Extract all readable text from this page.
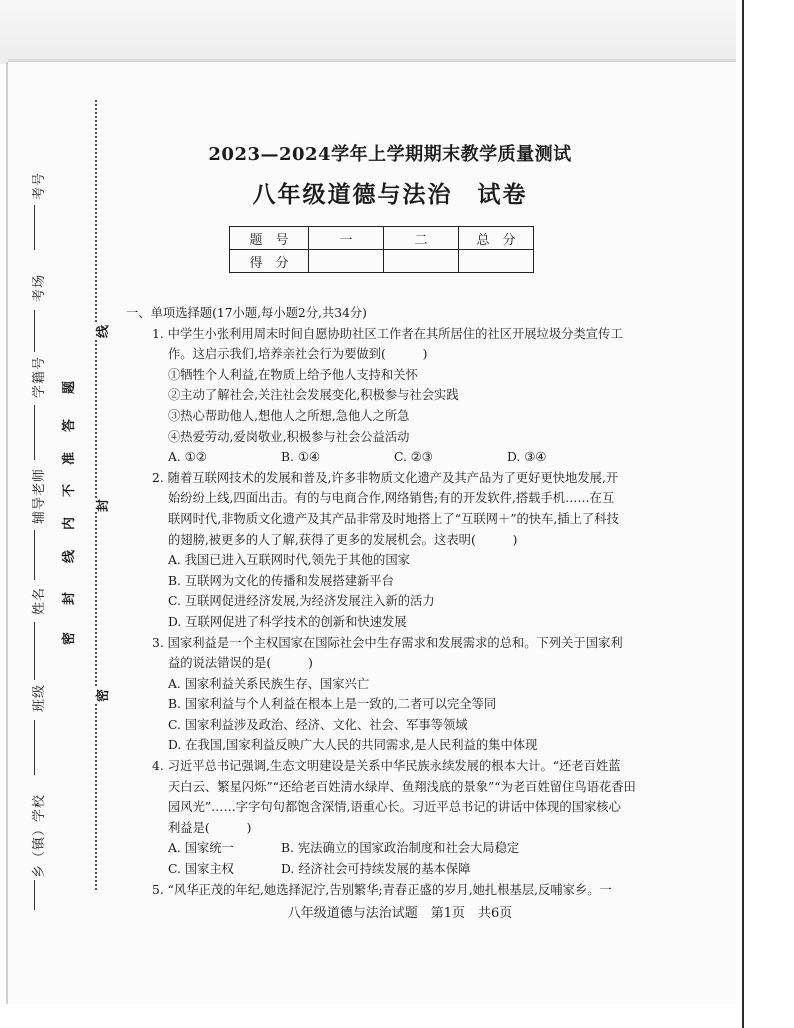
考号
考场
学籍号
辅导老师
姓名
班级
乡（镇）学校
题
答
准
不
内
线
封
密
线
封
密
2023—2024学年上学期期末教学质量测试
八年级道德与法治　试卷
题　号	一	二	总　分
得　分			
一、单项选择题(17小题,每小题2分,共34分)
1. 中学生小张利用周末时间自愿协助社区工作者在其所居住的社区开展垃圾分类宣传工
作。这启示我们,培养亲社会行为要做到(　　　)
①牺牲个人利益,在物质上给予他人支持和关怀
②主动了解社会,关注社会发展变化,积极参与社会实践
③热心帮助他人,想他人之所想,急他人之所急
④热爱劳动,爱岗敬业,积极参与社会公益活动
A. ①②	B. ①④	C. ②③	D. ③④
2. 随着互联网技术的发展和普及,许多非物质文化遗产及其产品为了更好更快地发展,开
始纷纷上线,四面出击。有的与电商合作,网络销售;有的开发软件,搭载手机……在互
联网时代,非物质文化遗产及其产品非常及时地搭上了“互联网＋”的快车,插上了科技
的翅膀,被更多的人了解,获得了更多的发展机会。这表明(　　　)
A. 我国已进入互联网时代,领先于其他的国家
B. 互联网为文化的传播和发展搭建新平台
C. 互联网促进经济发展,为经济发展注入新的活力
D. 互联网促进了科学技术的创新和快速发展
3. 国家利益是一个主权国家在国际社会中生存需求和发展需求的总和。下列关于国家利
益的说法错误的是(　　　)
A. 国家利益关系民族生存、国家兴亡
B. 国家利益与个人利益在根本上是一致的,二者可以完全等同
C. 国家利益涉及政治、经济、文化、社会、军事等领域
D. 在我国,国家利益反映广大人民的共同需求,是人民利益的集中体现
4. 习近平总书记强调,生态文明建设是关系中华民族永续发展的根本大计。“还老百姓蓝
天白云、繁星闪烁”“还给老百姓清水绿岸、鱼翔浅底的景象”“为老百姓留住鸟语花香田
园风光”……字字句句都饱含深情,语重心长。习近平总书记的讲话中体现的国家核心
利益是(　　　)
A. 国家统一	B. 宪法确立的国家政治制度和社会大局稳定
C. 国家主权	D. 经济社会可持续发展的基本保障
5. “风华正茂的年纪,她选择泥泞,告别繁华;青春正盛的岁月,她扎根基层,反哺家乡。一
八年级道德与法治试题　第1页　共6页
